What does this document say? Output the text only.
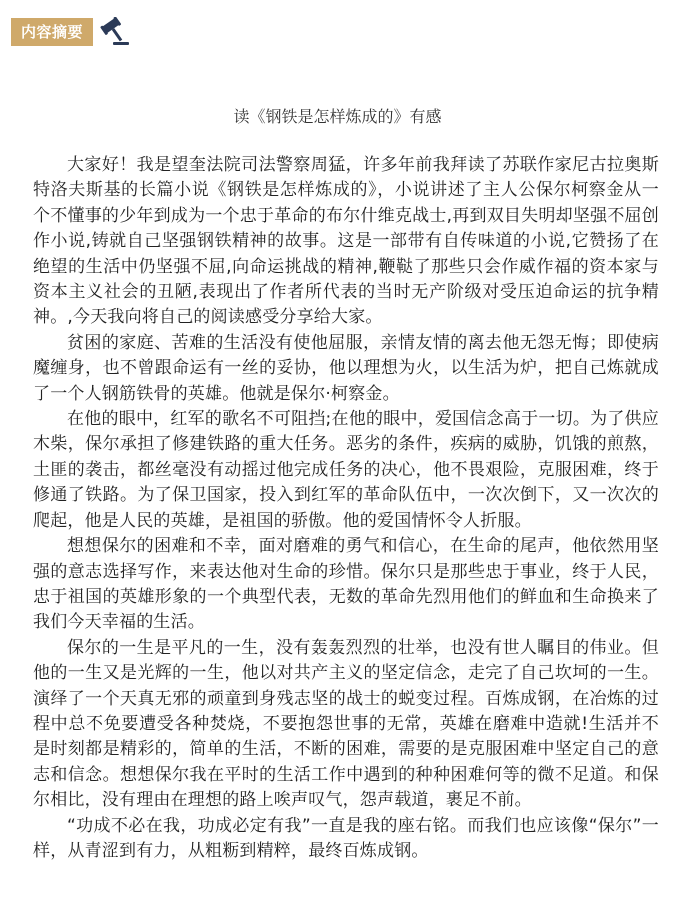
内容摘要
读《钢铁是怎样炼成的》有感

大家好！我是望奎法院司法警察周猛，许多年前我拜读了苏联作家尼古拉奥斯特洛夫斯基的长篇小说《钢铁是怎样炼成的》，小说讲述了主人公保尔柯察金从一个不懂事的少年到成为一个忠于革命的布尔什维克战士,再到双目失明却坚强不屈创作小说,铸就自己坚强钢铁精神的故事。这是一部带有自传味道的小说,它赞扬了在绝望的生活中仍坚强不屈,向命运挑战的精神,鞭鞑了那些只会作威作福的资本家与资本主义社会的丑陋,表现出了作者所代表的当时无产阶级对受压迫命运的抗争精神。,今天我向将自己的阅读感受分享给大家。

贫困的家庭、苦难的生活没有使他屈服，亲情友情的离去他无怨无悔；即使病魔缠身，也不曾跟命运有一丝的妥协，他以理想为火，以生活为炉，把自己炼就成了一个人钢筋铁骨的英雄。他就是保尔·柯察金。

在他的眼中，红军的歌名不可阻挡;在他的眼中，爱国信念高于一切。为了供应木柴，保尔承担了修建铁路的重大任务。恶劣的条件，疾病的威胁，饥饿的煎熬，土匪的袭击，都丝毫没有动摇过他完成任务的决心，他不畏艰险，克服困难，终于修通了铁路。为了保卫国家，投入到红军的革命队伍中，一次次倒下，又一次次的爬起，他是人民的英雄，是祖国的骄傲。他的爱国情怀令人折服。

想想保尔的困难和不幸，面对磨难的勇气和信心，在生命的尾声，他依然用坚强的意志选择写作，来表达他对生命的珍惜。保尔只是那些忠于事业，终于人民，忠于祖国的英雄形象的一个典型代表，无数的革命先烈用他们的鲜血和生命换来了我们今天幸福的生活。

保尔的一生是平凡的一生，没有轰轰烈烈的壮举，也没有世人瞩目的伟业。但他的一生又是光辉的一生，他以对共产主义的坚定信念，走完了自己坎坷的一生。演绎了一个天真无邪的顽童到身残志坚的战士的蜕变过程。百炼成钢，在冶炼的过程中总不免要遭受各种焚烧，不要抱怨世事的无常，英雄在磨难中造就!生活并不是时刻都是精彩的，简单的生活，不断的困难，需要的是克服困难中坚定自己的意志和信念。想想保尔我在平时的生活工作中遇到的种种困难何等的微不足道。和保尔相比，没有理由在理想的路上唉声叹气，怨声载道，裹足不前。

“功成不必在我，功成必定有我”一直是我的座右铭。而我们也应该像“保尔”一样，从青涩到有力，从粗粝到精粹，最终百炼成钢。
